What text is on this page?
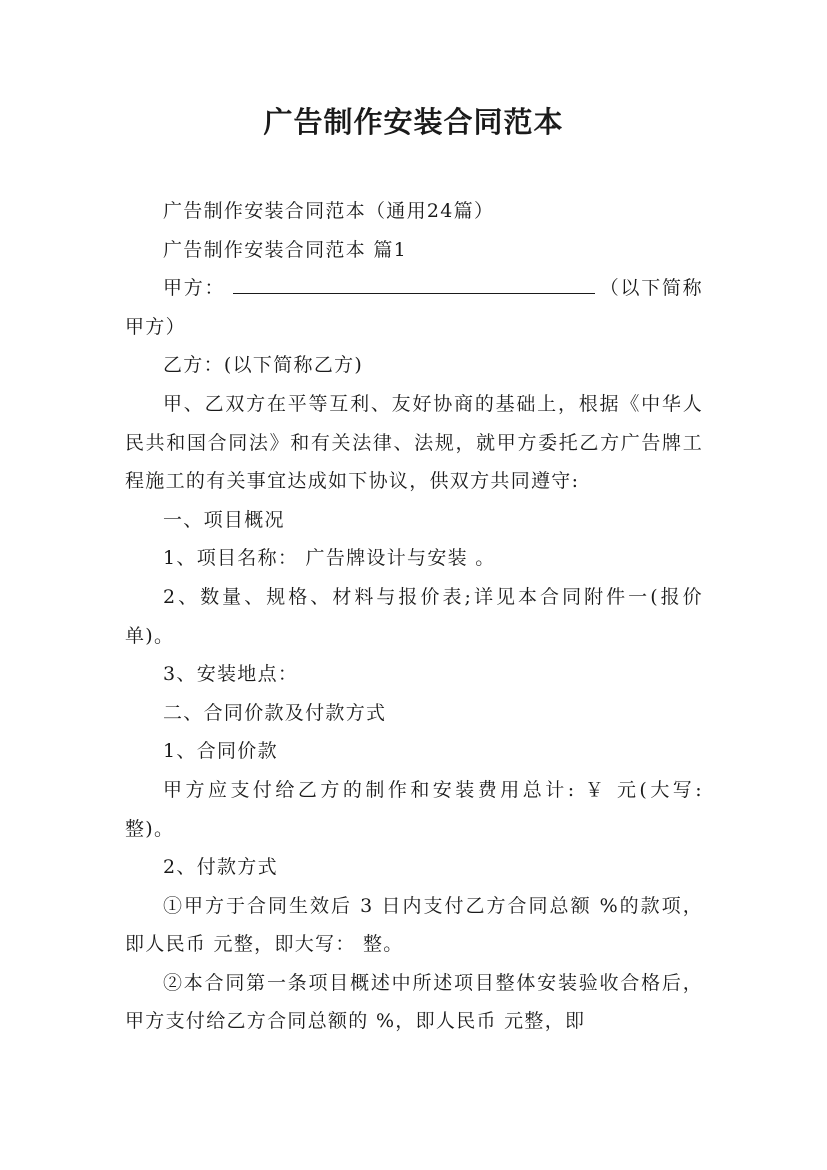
广告制作安装合同范本

广告制作安装合同范本（通用24篇）

广告制作安装合同范本 篇1

甲方：	（以下简称甲方）

乙方：(以下简称乙方)

甲、乙双方在平等互利、友好协商的基础上，根据《中华人民共和国合同法》和有关法律、法规，就甲方委托乙方广告牌工程施工的有关事宜达成如下协议，供双方共同遵守:

一、项目概况

1、项目名称： 广告牌设计与安装 。

2、数量、规格、材料与报价表;详见本合同附件一(报价单)。

3、安装地点：

二、合同价款及付款方式

1、合同价款

甲方应支付给乙方的制作和安装费用总计: ￥ 元(大写: 整)。

2、付款方式

①甲方于合同生效后 3 日内支付乙方合同总额 %的款项，即人民币 元整，即大写： 整。

②本合同第一条项目概述中所述项目整体安装验收合格后，甲方支付给乙方合同总额的 %，即人民币 元整，即
